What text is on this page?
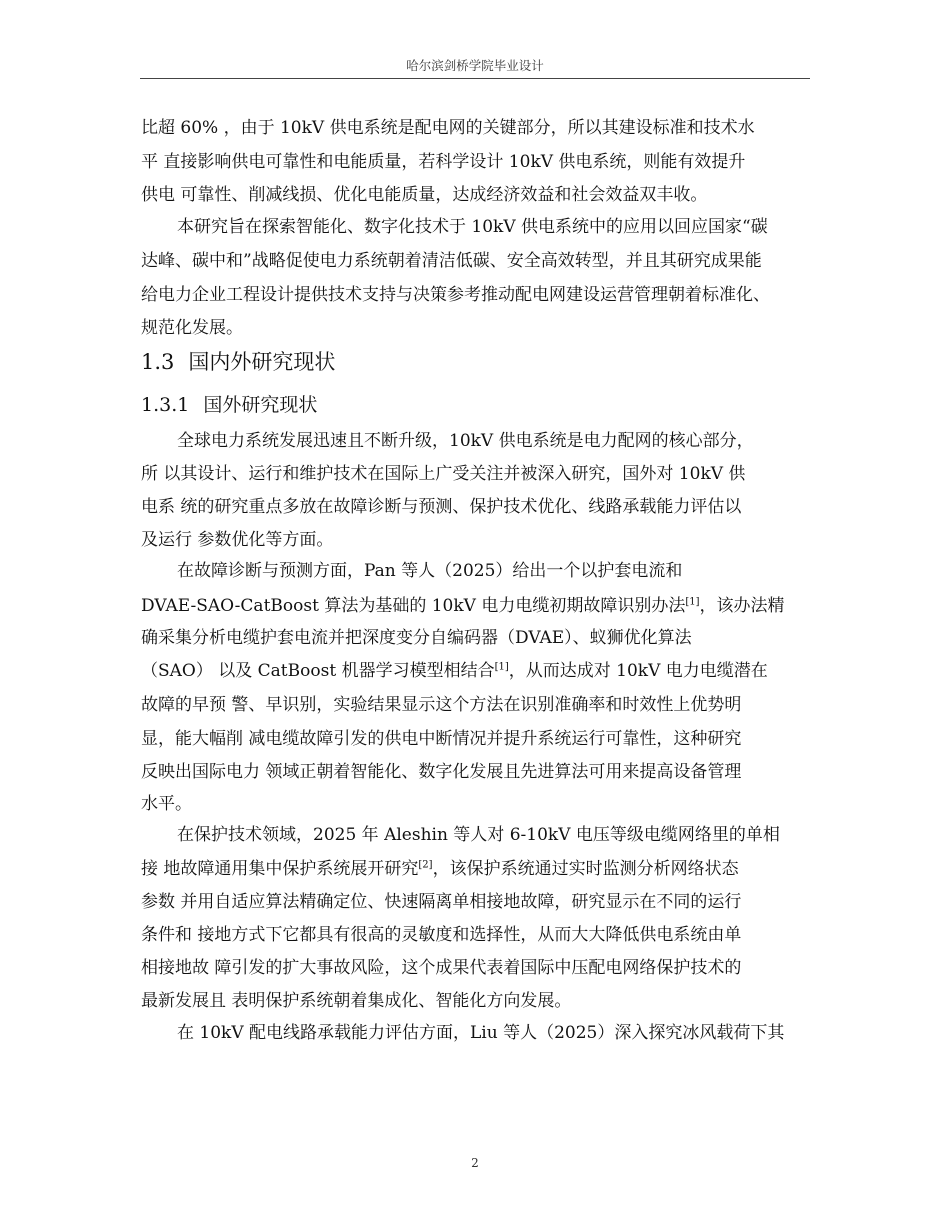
哈尔滨剑桥学院毕业设计
比超 60% ，由于 10kV 供电系统是配电网的关键部分，所以其建设标准和技术水
平 直接影响供电可靠性和电能质量，若科学设计 10kV 供电系统，则能有效提升
供电 可靠性、削减线损、优化电能质量，达成经济效益和社会效益双丰收。
本研究旨在探索智能化、数字化技术于 10kV 供电系统中的应用以回应国家“碳
达峰、碳中和”战略促使电力系统朝着清洁低碳、安全高效转型，并且其研究成果能
给电力企业工程设计提供技术支持与决策参考推动配电网建设运营管理朝着标准化、
规范化发展。
1.3 国内外研究现状
1.3.1 国外研究现状
全球电力系统发展迅速且不断升级，10kV 供电系统是电力配网的核心部分，
所 以其设计、运行和维护技术在国际上广受关注并被深入研究，国外对 10kV 供
电系 统的研究重点多放在故障诊断与预测、保护技术优化、线路承载能力评估以
及运行 参数优化等方面。
在故障诊断与预测方面，Pan 等人（2025）给出一个以护套电流和
DVAE-SAO-CatBoost 算法为基础的 10kV 电力电缆初期故障识别办法[1]，该办法精
确采集分析电缆护套电流并把深度变分自编码器（DVAE）、蚁狮优化算法
（SAO） 以及 CatBoost 机器学习模型相结合[1]，从而达成对 10kV 电力电缆潜在
故障的早预 警、早识别，实验结果显示这个方法在识别准确率和时效性上优势明
显，能大幅削 减电缆故障引发的供电中断情况并提升系统运行可靠性，这种研究
反映出国际电力 领域正朝着智能化、数字化发展且先进算法可用来提高设备管理
水平。
在保护技术领域，2025 年 Aleshin 等人对 6-10kV 电压等级电缆网络里的单相
接 地故障通用集中保护系统展开研究[2]，该保护系统通过实时监测分析网络状态
参数 并用自适应算法精确定位、快速隔离单相接地故障，研究显示在不同的运行
条件和 接地方式下它都具有很高的灵敏度和选择性，从而大大降低供电系统由单
相接地故 障引发的扩大事故风险，这个成果代表着国际中压配电网络保护技术的
最新发展且 表明保护系统朝着集成化、智能化方向发展。
在 10kV 配电线路承载能力评估方面，Liu 等人（2025）深入探究冰风载荷下其
2
